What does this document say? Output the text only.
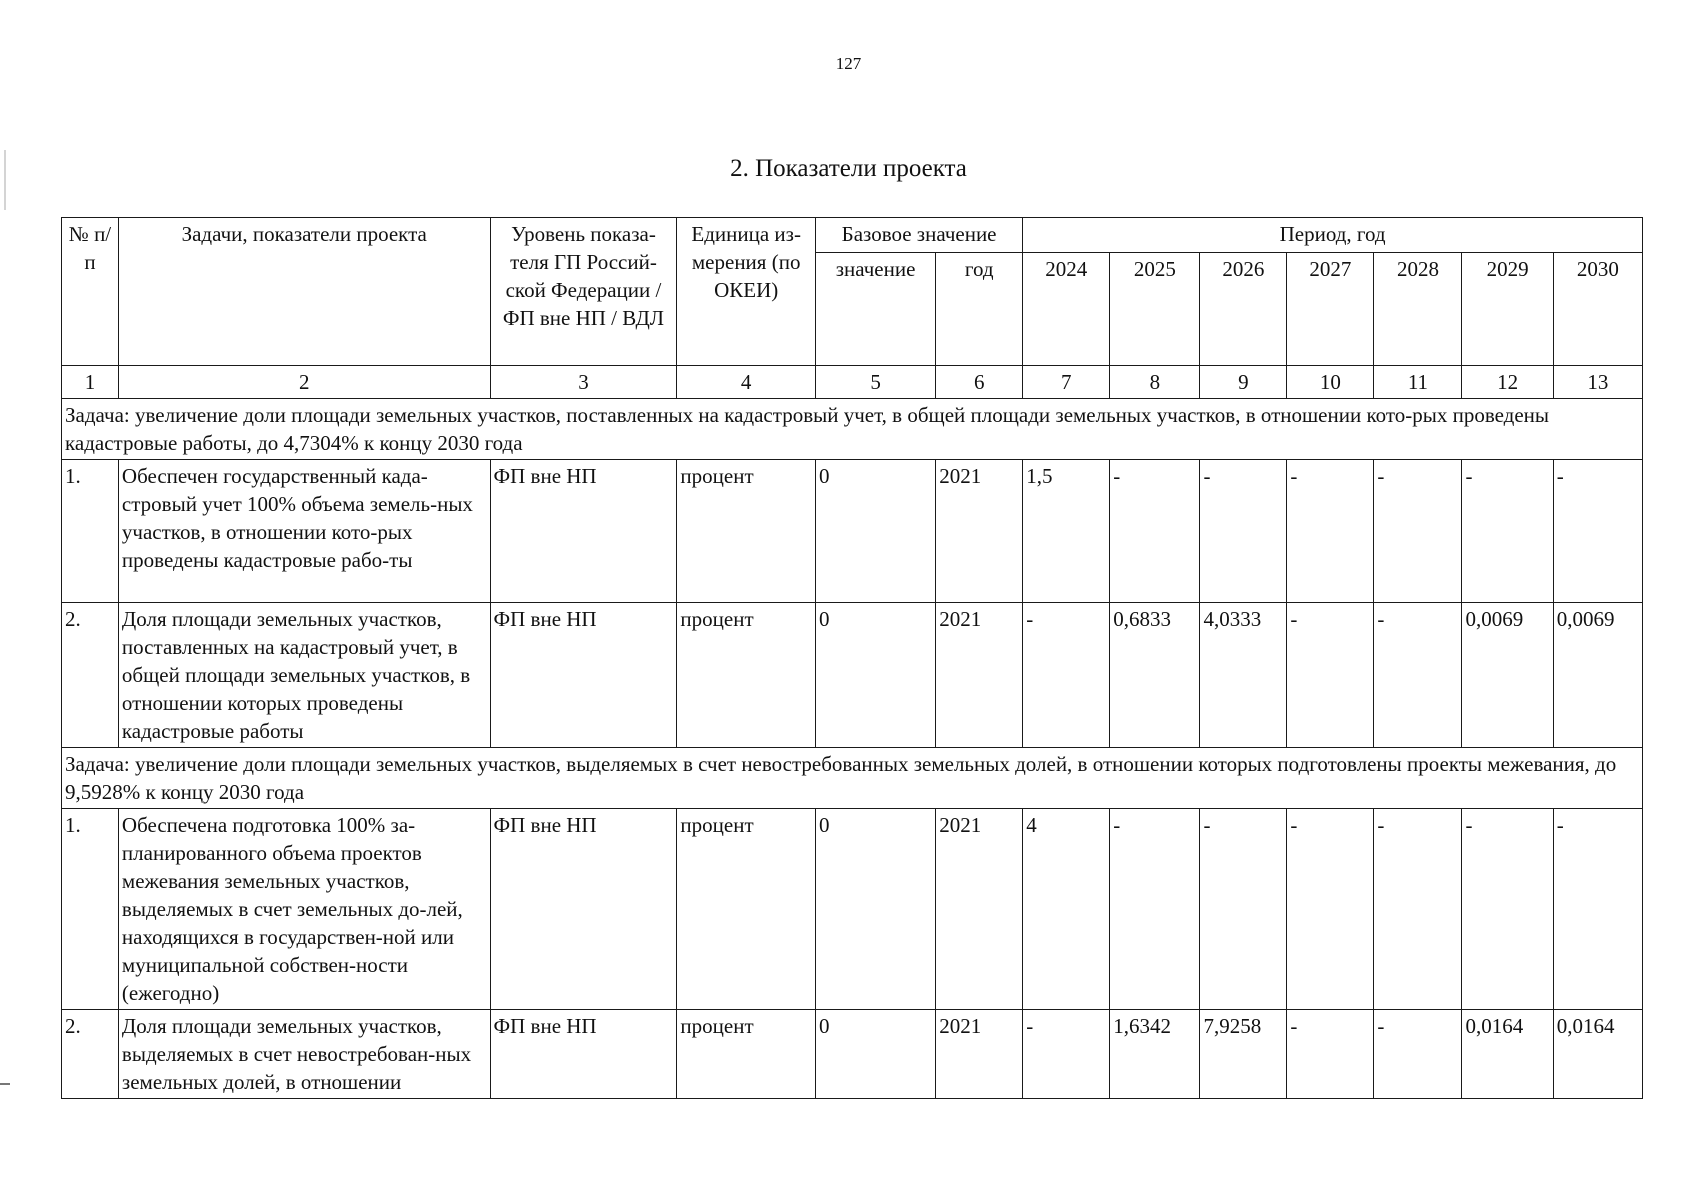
127
2. Показатели проекта
№ п/п	Задачи, показатели проекта	Уровень показа-теля ГП Россий-ской Федерации / ФП вне НП / ВДЛ	Единица из-мерения (по ОКЕИ)	Базовое значение		Период, год						
				значение	год	2024	2025	2026	2027	2028	2029	2030
1	2	3	4	5	6	7	8	9	10	11	12	13
Задача: увеличение доли площади земельных участков, поставленных на кадастровый учет, в общей площади земельных участков, в отношении кото-рых проведены кадастровые работы, до 4,7304% к концу 2030 года												
1.	Обеспечен государственный када-стровый учет 100% объема земель-ных участков, в отношении кото-рых проведены кадастровые рабо-ты	ФП вне НП	процент	0	2021	1,5	-	-	-	-	-	-
2.	Доля площади земельных участков, поставленных на кадастровый учет, в общей площади земельных участков, в отношении которых проведены кадастровые работы	ФП вне НП	процент	0	2021	-	0,6833	4,0333	-	-	0,0069	0,0069
Задача: увеличение доли площади земельных участков, выделяемых в счет невостребованных земельных долей, в отношении которых подготовлены проекты межевания, до 9,5928% к концу 2030 года												
1.	Обеспечена подготовка 100% за-планированного объема проектов межевания земельных участков, выделяемых в счет земельных до-лей, находящихся в государствен-ной или муниципальной собствен-ности (ежегодно)	ФП вне НП	процент	0	2021	4	-	-	-	-	-	-
2.	Доля площади земельных участков, выделяемых в счет невостребован-ных земельных долей, в отношении	ФП вне НП	процент	0	2021	-	1,6342	7,9258	-	-	0,0164	0,0164
